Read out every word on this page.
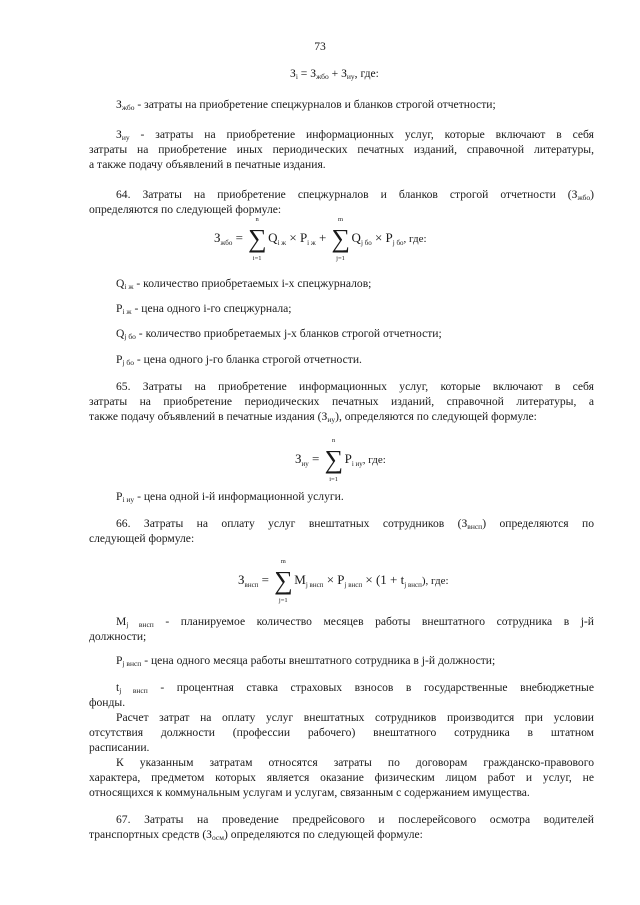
73
$З_i = З_{жбо} + З_{иу}$, где:
$З_{жбо}$ - затраты на приобретение спецжурналов и бланков строгой отчетности;
$З_{иу}$ - затраты на приобретение информационных услуг, которые включают в себя
затраты на приобретение иных периодических печатных изданий, справочной литературы,
а также подачу объявлений в печатные издания.
64. Затраты на приобретение спецжурналов и бланков строгой отчетности $(З_{жбо})$
определяются по следующей формуле:
$З_{жбо}$ =
n
∑
i=1
$Q_{i ж} \times P_{i ж}$ +
m
∑
j=1
$Q_{j бо} \times P_{j бо}$, где:
$Q_{i ж}$ - количество приобретаемых i-х спецжурналов;
$P_{i ж}$ - цена одного i-го спецжурнала;
$Q_{j бо}$ - количество приобретаемых j-х бланков строгой отчетности;
$P_{j бо}$ - цена одного j-го бланка строгой отчетности.
65. Затраты на приобретение информационных услуг, которые включают в себя
затраты на приобретение периодических печатных изданий, справочной литературы, а
также подачу объявлений в печатные издания $(З_{иу})$, определяются по следующей формуле:
$З_{иу}$ =
n
∑
i=1
$P_{i иу}$, где:
$P_{i иу}$ - цена одной i-й информационной услуги.
66. Затраты на оплату услуг внештатных сотрудников $(З_{внсп})$ определяются по
следующей формуле:
$З_{внсп}$ =
m
∑
j=1
$M_{j внсп} \times P_{j внсп} \times (1 + t_{j внсп})$, где:
$M_{j внсп}$ - планируемое количество месяцев работы внештатного сотрудника в j-й
должности;
$P_{j внсп}$ - цена одного месяца работы внештатного сотрудника в j-й должности;
$t_{j внсп}$ - процентная ставка страховых взносов в государственные внебюджетные
фонды.
Расчет затрат на оплату услуг внештатных сотрудников производится при условии
отсутствия должности (профессии рабочего) внештатного сотрудника в штатном
расписании.
К указанным затратам относятся затраты по договорам гражданско-правового
характера, предметом которых является оказание физическим лицом работ и услуг, не
относящихся к коммунальным услугам и услугам, связанным с содержанием имущества.
67. Затраты на проведение предрейсового и послерейсового осмотра водителей
транспортных средств $(З_{осм})$ определяются по следующей формуле:
